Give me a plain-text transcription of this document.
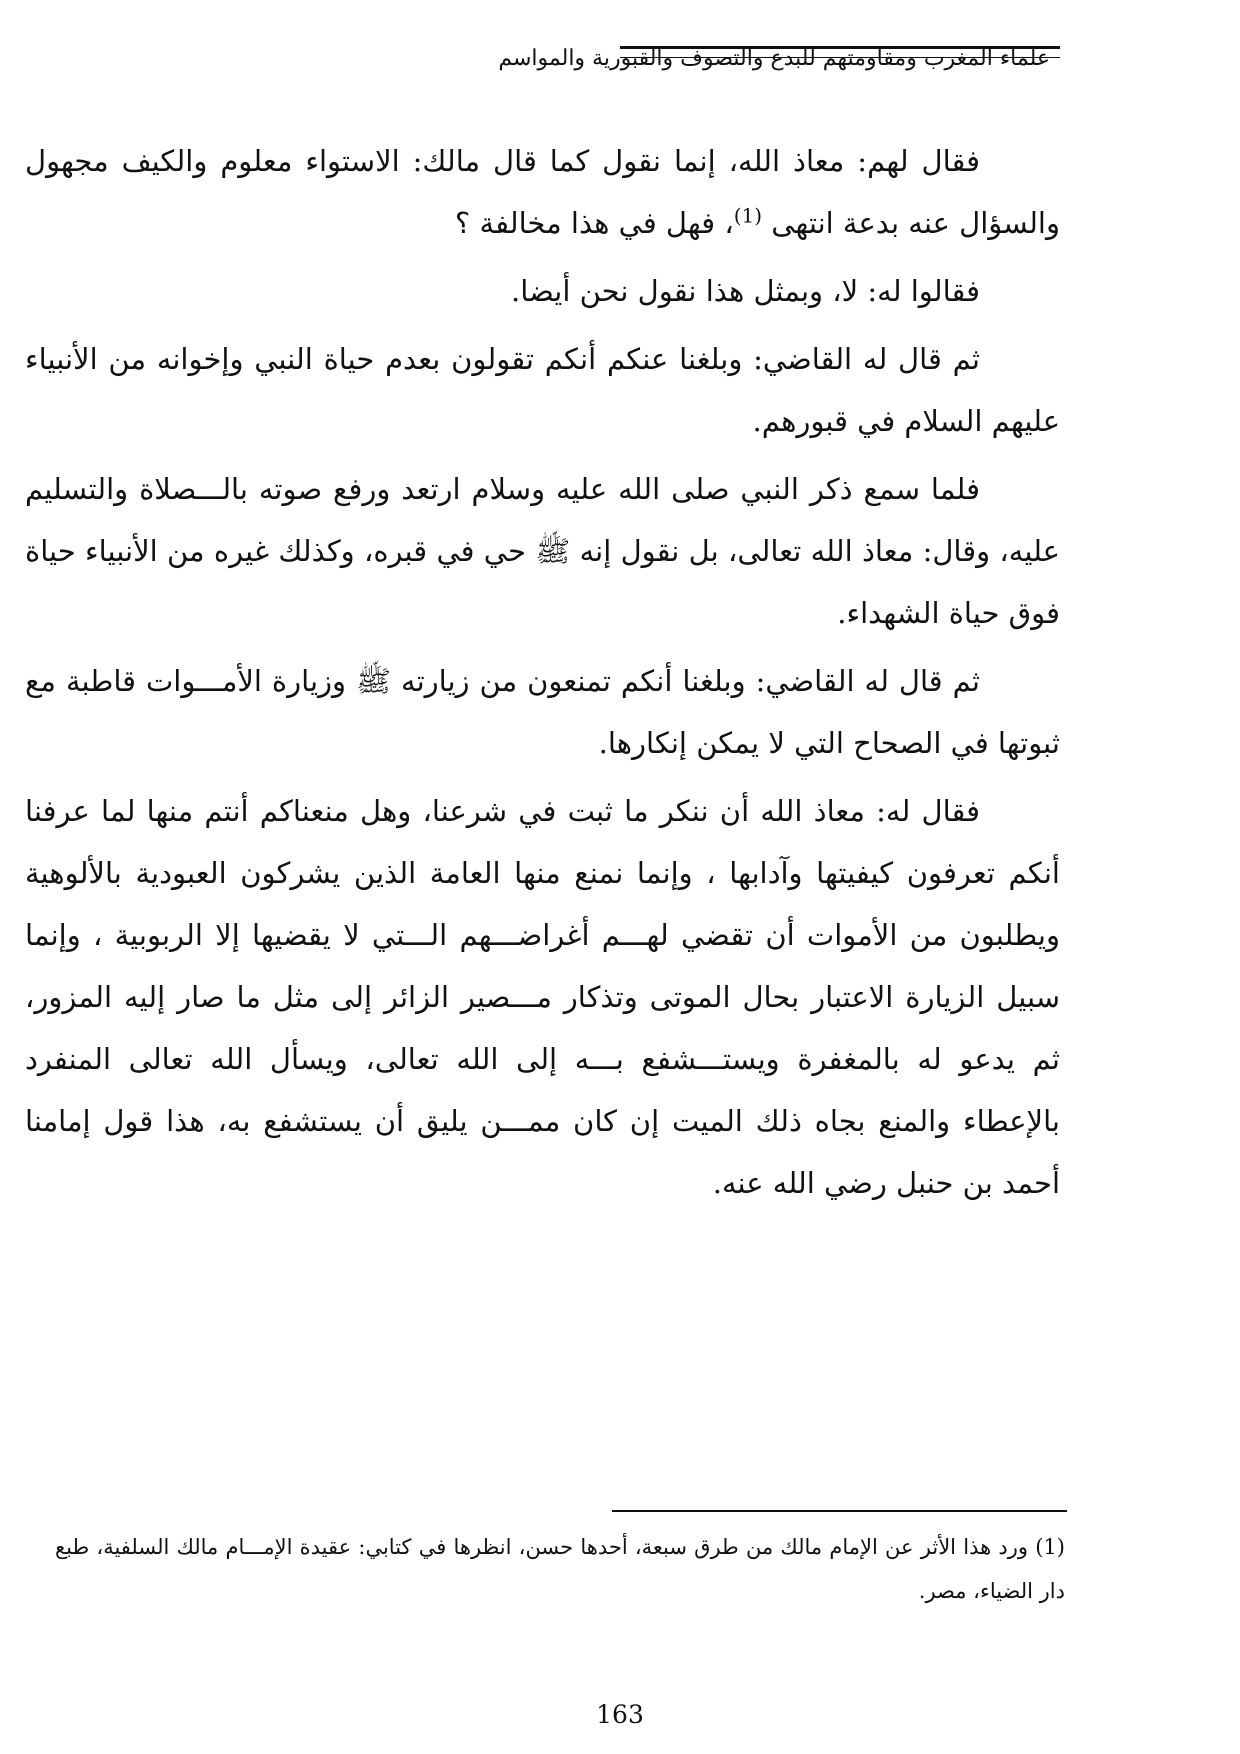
علماء المغرب ومقاومتهم للبدع والتصوف والقبورية والمواسم

فقال لهم: معاذ الله، إنما نقول كما قال مالك: الاستواء معلوم والكيف مجهول والسؤال عنه بدعة انتهى $^{(1)}$، فهل في هذا مخالفة ؟

فقالوا له: لا، وبمثل هذا نقول نحن أيضا.

ثم قال له القاضي: وبلغنا عنكم أنكم تقولون بعدم حياة النبي وإخوانه من الأنبياء عليهم السلام في قبورهم.

فلما سمع ذكر النبي صلى الله عليه وسلام ارتعد ورفع صوته بالـــصلاة والتسليم عليه، وقال: معاذ الله تعالى، بل نقول إنه ﷺ حي في قبره، وكذلك غيره من الأنبياء حياة فوق حياة الشهداء.

ثم قال له القاضي: وبلغنا أنكم تمنعون من زيارته ﷺ وزيارة الأمـــوات قاطبة مع ثبوتها في الصحاح التي لا يمكن إنكارها.

فقال له: معاذ الله أن ننكر ما ثبت في شرعنا، وهل منعناكم أنتم منها لما عرفنا أنكم تعرفون كيفيتها وآدابها ، وإنما نمنع منها العامة الذين يشركون العبودية بالألوهية ويطلبون من الأموات أن تقضي لهـــم أغراضـــهم الـــتي لا يقضيها إلا الربوبية ، وإنما سبيل الزيارة الاعتبار بحال الموتى وتذكار مـــصير الزائر إلى مثل ما صار إليه المزور، ثم يدعو له بالمغفرة ويستـــشفع بـــه إلى الله تعالى، ويسأل الله تعالى المنفرد بالإعطاء والمنع بجاه ذلك الميت إن كان ممـــن يليق أن يستشفع به، هذا قول إمامنا أحمد بن حنبل رضي الله عنه.

(1) ورد هذا الأثر عن الإمام مالك من طرق سبعة، أحدها حسن، انظرها في كتابي: عقيدة الإمـــام مالك السلفية، طبع دار الضياء، مصر.

163
